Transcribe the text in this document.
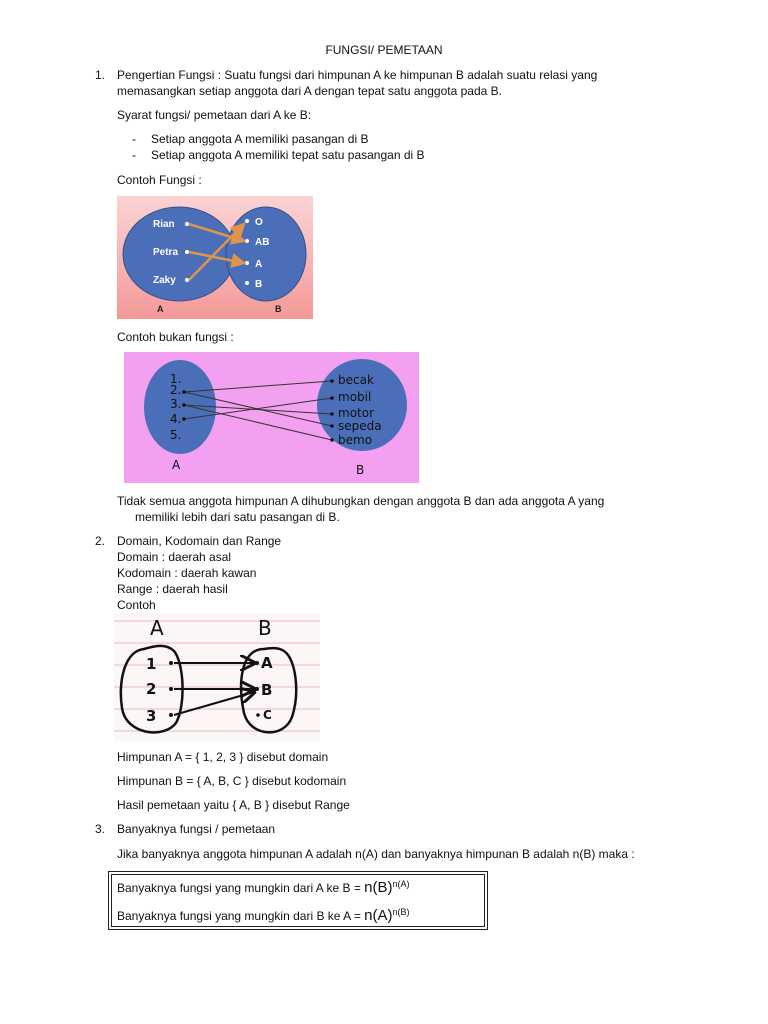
FUNGSI/ PEMETAAN
1. Pengertian Fungsi : Suatu fungsi dari himpunan A ke himpunan B adalah suatu relasi yang
memasangkan setiap anggota dari A dengan tepat satu anggota pada B.
Syarat fungsi/ pemetaan dari A ke B:
- Setiap anggota A memiliki pasangan di B
- Setiap anggota A memiliki tepat satu pasangan di B
Contoh Fungsi :
Rian
Petra
Zaky
O
AB
A
B
A	B
Contoh bukan fungsi :
1.
2.
3.
4.
5.
becak
mobil
motor
sepeda
bemo
A	B
Tidak semua anggota himpunan A dihubungkan dengan anggota B dan ada anggota A yang
memiliki lebih dari satu pasangan di B.
2. Domain, Kodomain dan Range
Domain : daerah asal
Kodomain : daerah kawan
Range : daerah hasil
Contoh
A	B
1
2
3
A
B
C
Himpunan A = { 1, 2, 3 } disebut domain
Himpunan B = { A, B, C } disebut kodomain
Hasil pemetaan yaitu { A, B } disebut Range
3. Banyaknya fungsi / pemetaan
Jika banyaknya anggota himpunan A adalah n(A) dan banyaknya himpunan B adalah n(B) maka :
Banyaknya fungsi yang mungkin dari A ke $B = n(B)^{n(A)}$
Banyaknya fungsi yang mungkin dari B ke $A = n(A)^{n(B)}$
